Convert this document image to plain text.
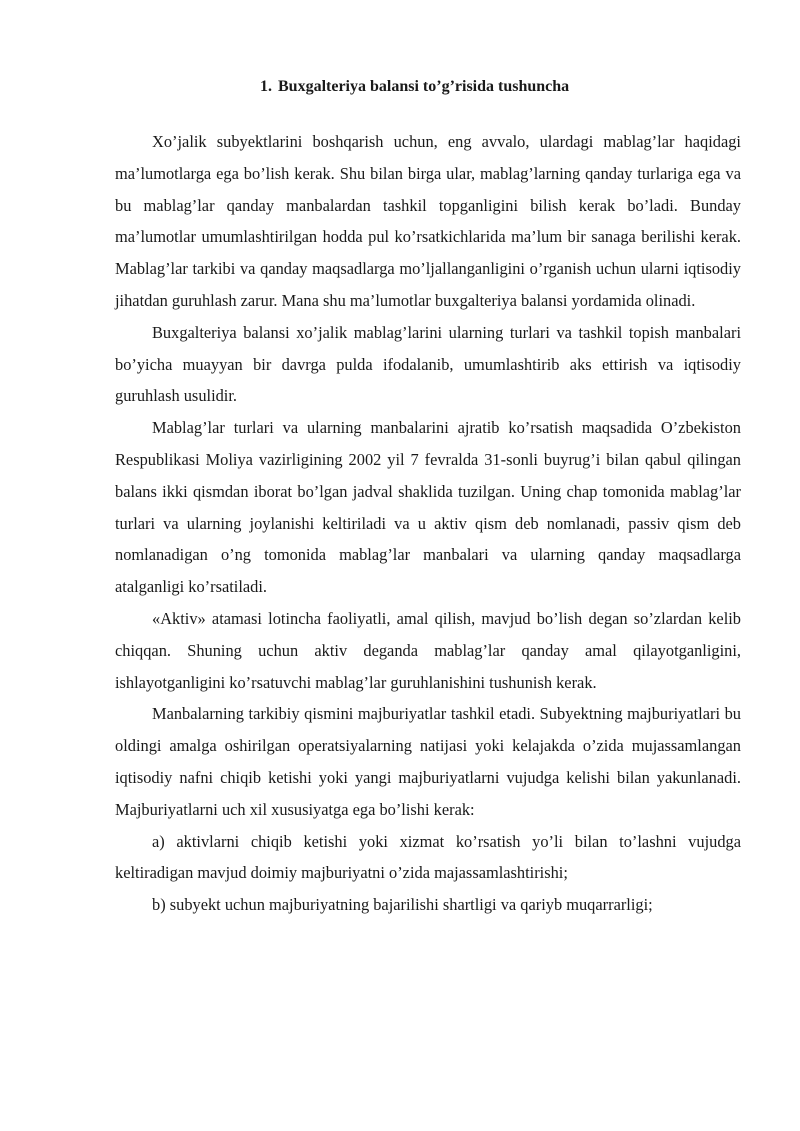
1. Buxgalteriya balansi to’g’risida tushuncha

Xo’jalik subyektlarini boshqarish uchun, eng avvalo, ulardagi mablag’lar haqidagi ma’lumotlarga ega bo’lish kerak. Shu bilan birga ular, mablag’larning qanday turlariga ega va bu mablag’lar qanday manbalardan tashkil topganligini bilish kerak bo’ladi. Bunday ma’lumotlar umumlashtirilgan hodda pul ko’rsatkichlarida ma’lum bir sanaga berilishi kerak. Mablag’lar tarkibi va qanday maqsadlarga mo’ljallanganligini o’rganish uchun ularni iqtisodiy jihatdan guruhlash zarur. Mana shu ma’lumotlar buxgalteriya balansi yordamida olinadi.

Buxgalteriya balansi xo’jalik mablag’larini ularning turlari va tashkil topish manbalari bo’yicha muayyan bir davrga pulda ifodalanib, umumlashtirib aks ettirish va iqtisodiy guruhlash usulidir.

Mablag’lar turlari va ularning manbalarini ajratib ko’rsatish maqsadida O’zbekiston Respublikasi Moliya vazirligining 2002 yil 7 fevralda 31-sonli buyrug’i bilan qabul qilingan balans ikki qismdan iborat bo’lgan jadval shaklida tuzilgan. Uning chap tomonida mablag’lar turlari va ularning joylanishi keltiriladi va u aktiv qism deb nomlanadi, passiv qism deb nomlanadigan o’ng tomonida mablag’lar manbalari va ularning qanday maqsadlarga atalganligi ko’rsatiladi.

«Aktiv» atamasi lotincha faoliyatli, amal qilish, mavjud bo’lish degan so’zlardan kelib chiqqan. Shuning uchun aktiv deganda mablag’lar qanday amal qilayotganligini, ishlayotganligini ko’rsatuvchi mablag’lar guruhlanishini tushunish kerak.

Manbalarning tarkibiy qismini majburiyatlar tashkil etadi. Subyektning majburiyatlari bu oldingi amalga oshirilgan operatsiyalarning natijasi yoki kelajakda o’zida mujassamlangan iqtisodiy nafni chiqib ketishi yoki yangi majburiyatlarni vujudga kelishi bilan yakunlanadi. Majburiyatlarni uch xil xususiyatga ega bo’lishi kerak:

a) aktivlarni chiqib ketishi yoki xizmat ko’rsatish yo’li bilan to’lashni vujudga keltiradigan mavjud doimiy majburiyatni o’zida majassamlashtirishi;

b) subyekt uchun majburiyatning bajarilishi shartligi va qariyb muqarrarligi;
